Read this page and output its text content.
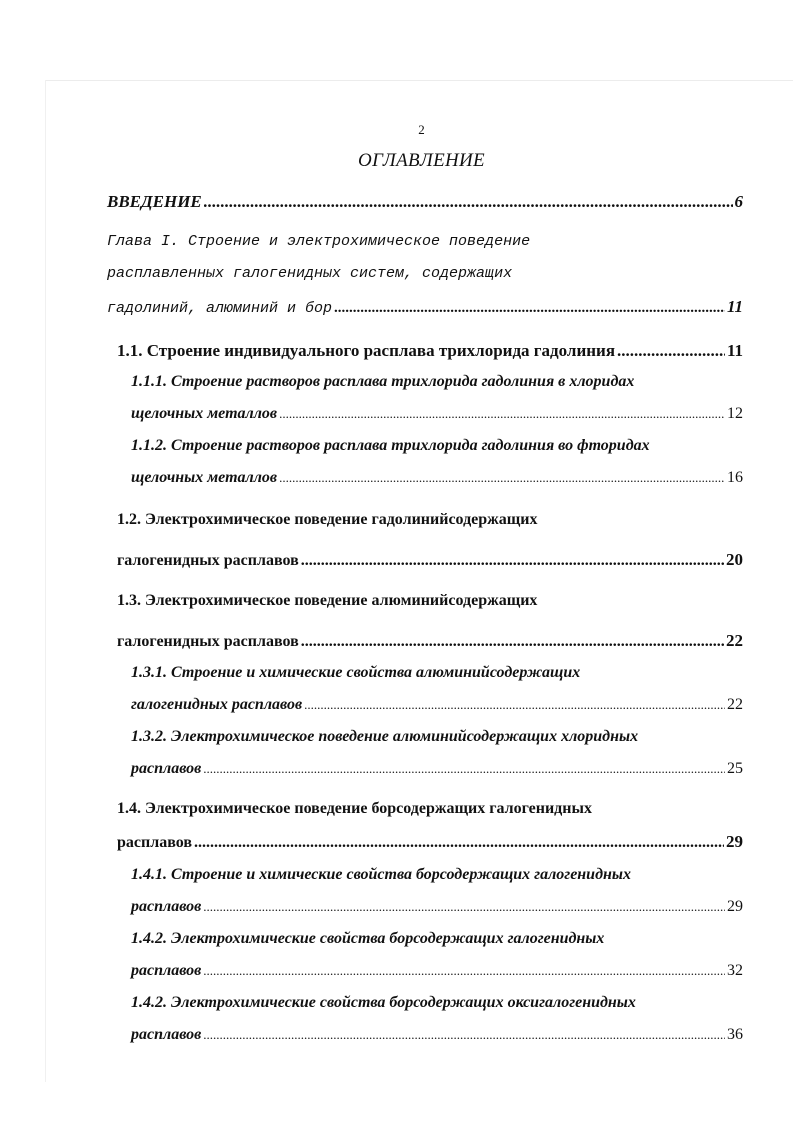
2
ОГЛАВЛЕНИЕ
ВВЕДЕНИЕ .....	6
Глава I. Строение и электрохимическое поведение
расплавленных галогенидных систем, содержащих
гадолиний, алюминий и бор .....	11
1.1. Строение индивидуального расплава трихлорида гадолиния .....	11
1.1.1. Строение растворов расплава трихлорида гадолиния в хлоридах
щелочных металлов .....	12
1.1.2. Строение растворов расплава трихлорида гадолиния во фторидах
щелочных металлов .....	16
1.2. Электрохимическое поведение гадолинийсодержащих
галогенидных расплавов .....	20
1.3. Электрохимическое поведение алюминийсодержащих
галогенидных расплавов .....	22
1.3.1. Строение и химические свойства алюминийсодержащих
галогенидных расплавов .....	22
1.3.2. Электрохимическое поведение алюминийсодержащих хлоридных
расплавов .....	25
1.4. Электрохимическое поведение борсодержащих галогенидных
расплавов .....	29
1.4.1. Строение и химические свойства борсодержащих галогенидных
расплавов .....	29
1.4.2. Электрохимические свойства борсодержащих галогенидных
расплавов .....	32
1.4.2. Электрохимические свойства борсодержащих оксигалогенидных
расплавов .....	36
